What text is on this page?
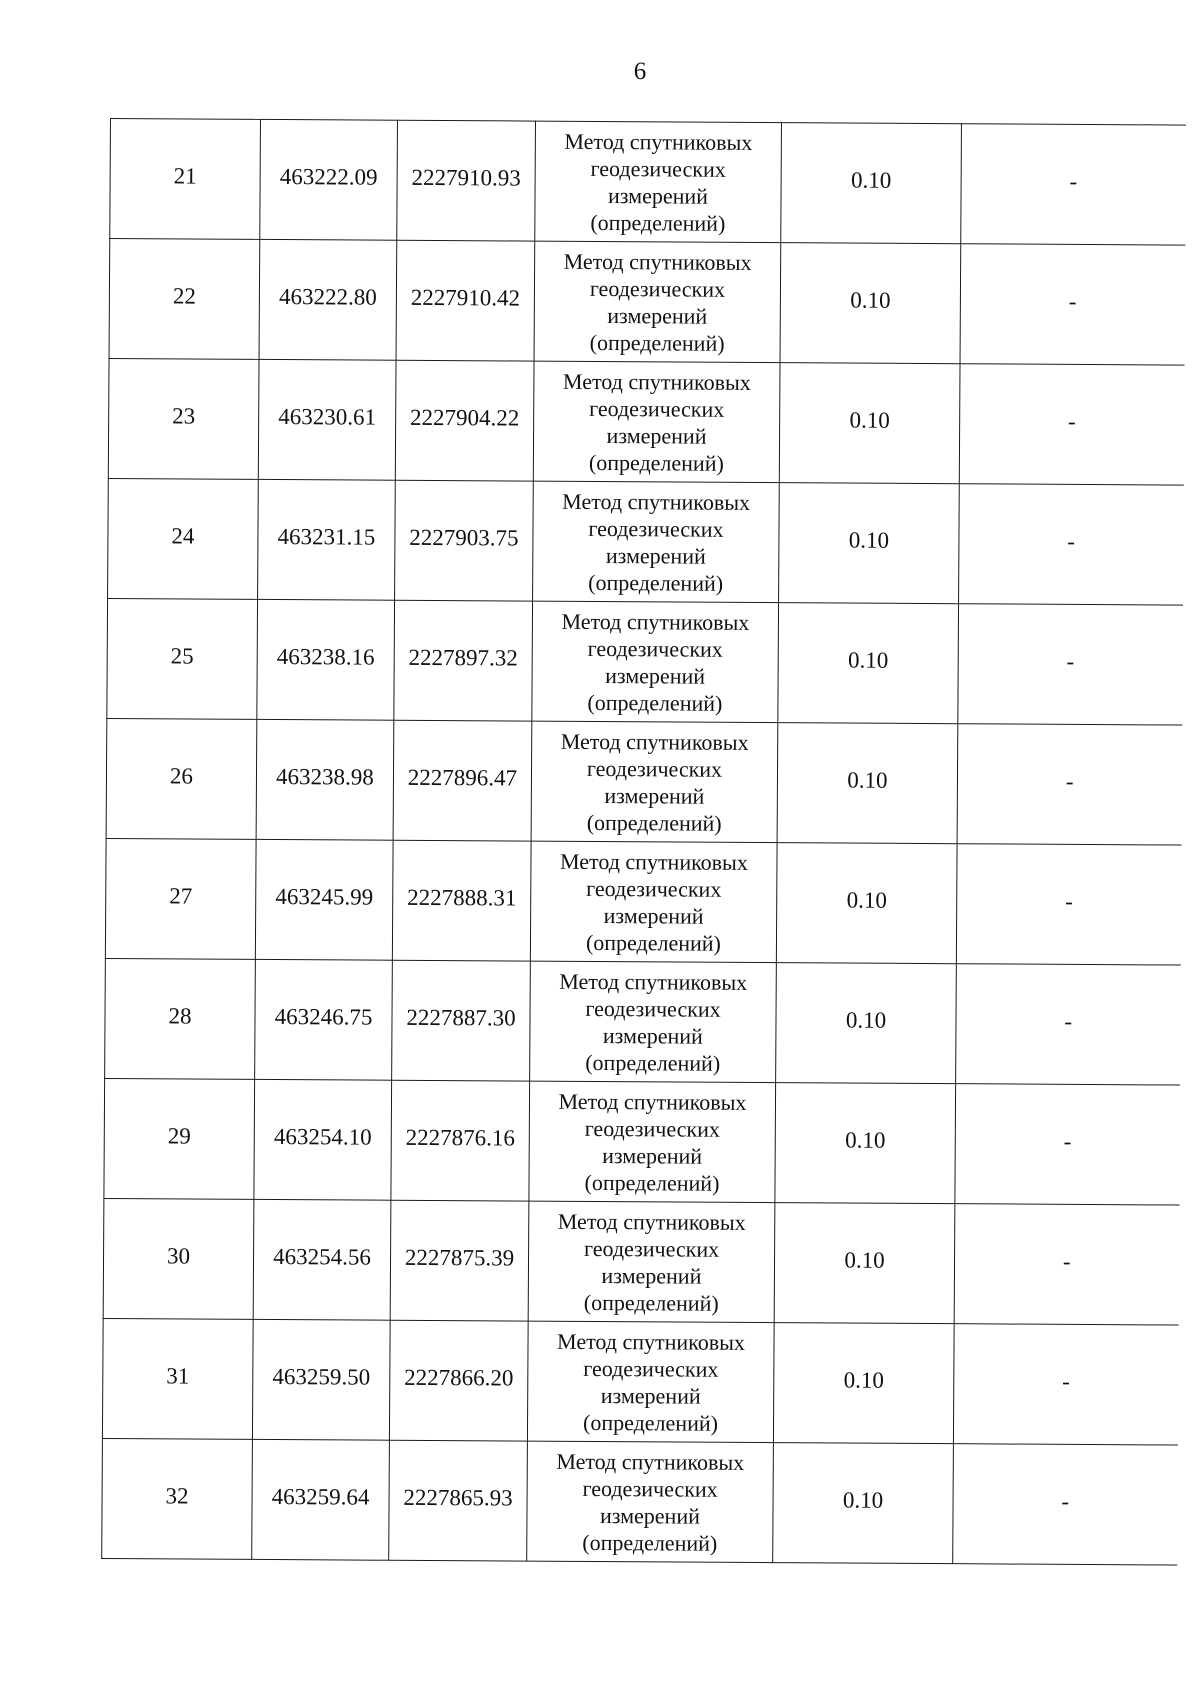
6
21	463222.09	2227910.93	Метод спутниковых
геодезических
измерений
(определений)	0.10	-
22	463222.80	2227910.42	Метод спутниковых
геодезических
измерений
(определений)	0.10	-
23	463230.61	2227904.22	Метод спутниковых
геодезических
измерений
(определений)	0.10	-
24	463231.15	2227903.75	Метод спутниковых
геодезических
измерений
(определений)	0.10	-
25	463238.16	2227897.32	Метод спутниковых
геодезических
измерений
(определений)	0.10	-
26	463238.98	2227896.47	Метод спутниковых
геодезических
измерений
(определений)	0.10	-
27	463245.99	2227888.31	Метод спутниковых
геодезических
измерений
(определений)	0.10	-
28	463246.75	2227887.30	Метод спутниковых
геодезических
измерений
(определений)	0.10	-
29	463254.10	2227876.16	Метод спутниковых
геодезических
измерений
(определений)	0.10	-
30	463254.56	2227875.39	Метод спутниковых
геодезических
измерений
(определений)	0.10	-
31	463259.50	2227866.20	Метод спутниковых
геодезических
измерений
(определений)	0.10	-
32	463259.64	2227865.93	Метод спутниковых
геодезических
измерений
(определений)	0.10	-
